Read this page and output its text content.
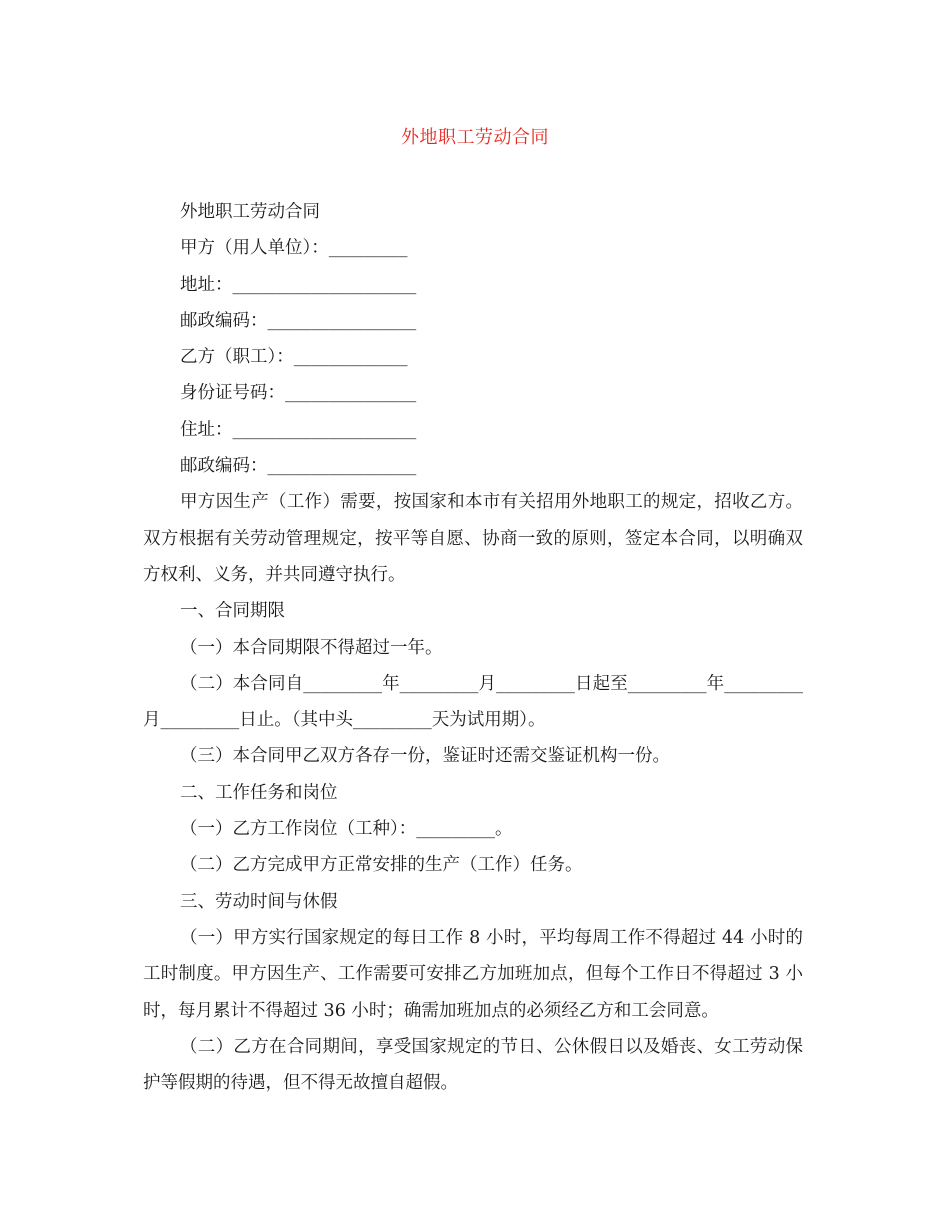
外地职工劳动合同
外地职工劳动合同
甲方（用人单位）：_________
地址：_____________________
邮政编码：_________________
乙方（职工）：_____________
身份证号码：_______________
住址：_____________________
邮政编码：_________________
甲方因生产（工作）需要，按国家和本市有关招用外地职工的规定，招收乙方。双方根据有关劳动管理规定，按平等自愿、协商一致的原则，签定本合同，以明确双方权利、义务，并共同遵守执行。
一、合同期限
（一）本合同期限不得超过一年。
（二）本合同自_________年_________月_________日起至_________年_________月_________日止。（其中头_________天为试用期）。
（三）本合同甲乙双方各存一份，鉴证时还需交鉴证机构一份。
二、工作任务和岗位
（一）乙方工作岗位（工种）：_________。
（二）乙方完成甲方正常安排的生产（工作）任务。
三、劳动时间与休假
（一）甲方实行国家规定的每日工作 8 小时，平均每周工作不得超过 44 小时的工时制度。甲方因生产、工作需要可安排乙方加班加点，但每个工作日不得超过 3 小时，每月累计不得超过 36 小时；确需加班加点的必须经乙方和工会同意。
（二）乙方在合同期间，享受国家规定的节日、公休假日以及婚丧、女工劳动保护等假期的待遇，但不得无故擅自超假。
